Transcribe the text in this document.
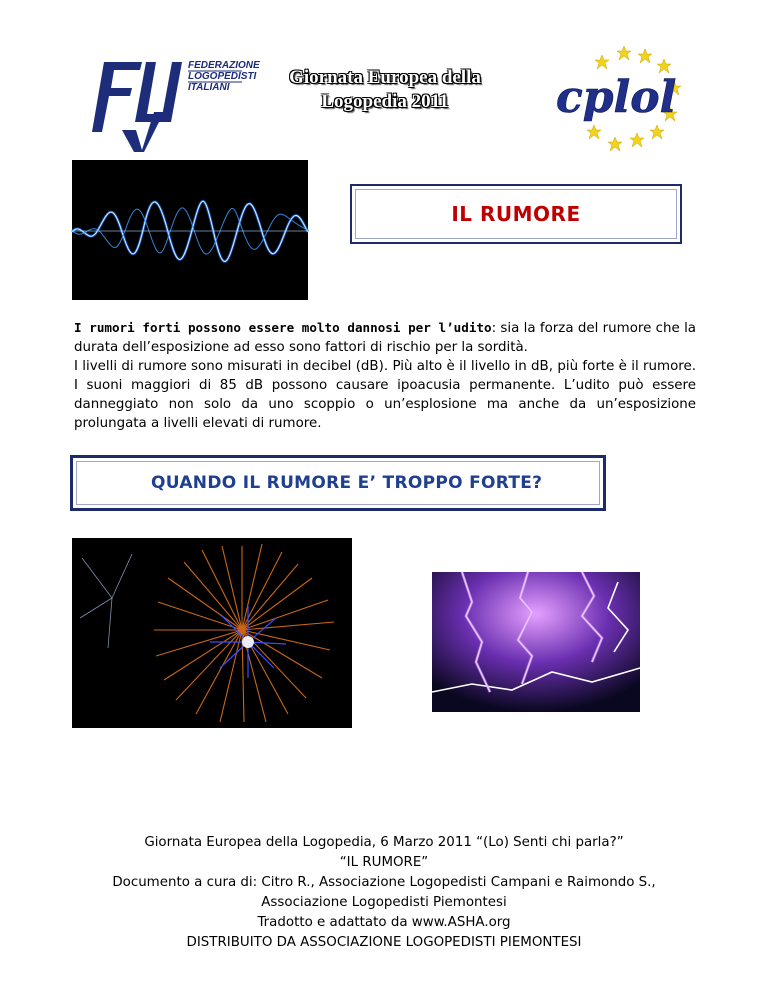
FEDERAZIONE
LOGOPEDISTI
ITALIANI	Giornata Europea della
Logopedia 2011	cplol
IL RUMORE

I rumori forti possono essere molto dannosi per l’udito: sia la forza del rumore che la durata dell’esposizione ad esso sono fattori di rischio per la sordità.

I livelli di rumore sono misurati in decibel (dB). Più alto è il livello in dB, più forte è il rumore. I suoni maggiori di 85 dB possono causare ipoacusia permanente. L’udito può essere danneggiato non solo da uno scoppio o un’esplosione ma anche da un’esposizione prolungata a livelli elevati di rumore.

QUANDO IL RUMORE E’ TROPPO FORTE?
Giornata Europea della Logopedia, 6 Marzo 2011 “(Lo) Senti chi parla?”
“IL RUMORE”
Documento a cura di: Citro R., Associazione Logopedisti Campani e Raimondo S.,
Associazione Logopedisti Piemontesi
Tradotto e adattato da www.ASHA.org
DISTRIBUITO DA ASSOCIAZIONE LOGOPEDISTI PIEMONTESI
